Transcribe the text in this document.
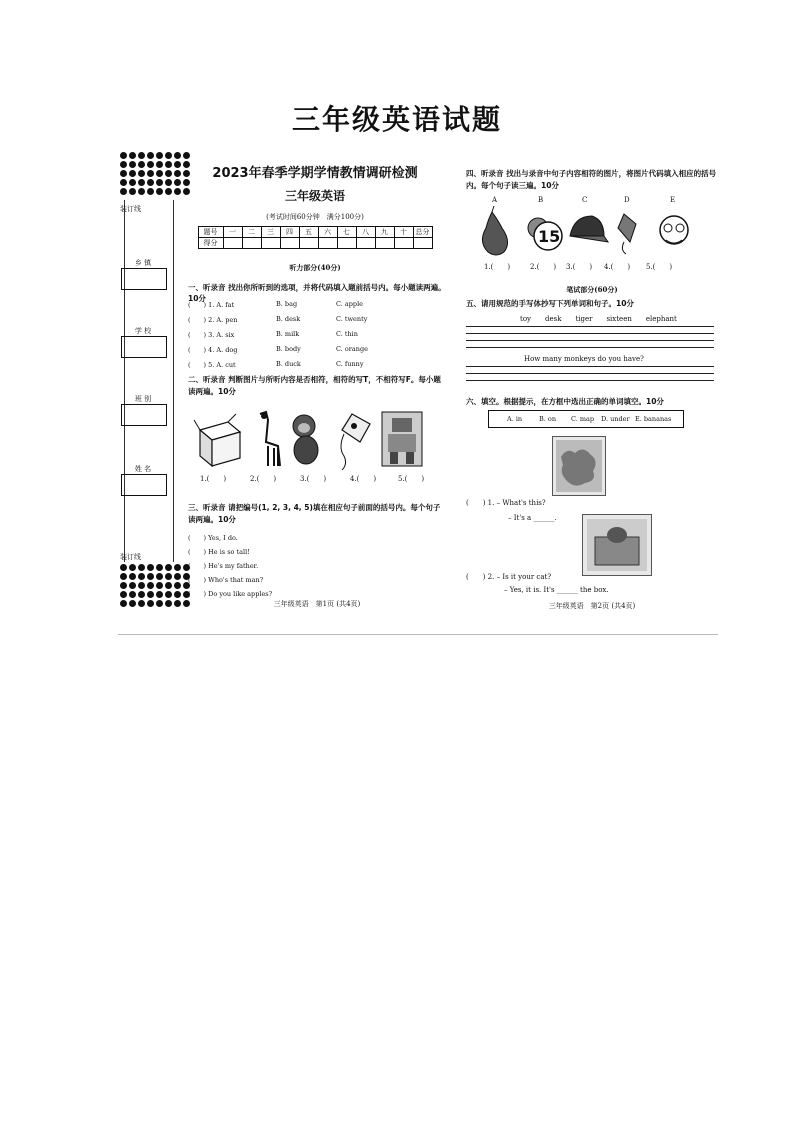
三年级英语试题
装订线
乡 镇
学 校
班 别
姓 名
装订线
2023年春季学期学情教情调研检测
三年级英语
(考试时间60分钟　满分100分)
题号	一	二	三	四	五	六	七	八	九	十	总分
得分											
听力部分(40分)
一、听录音 找出你所听到的选项，并将代码填入题前括号内。每小题读两遍。10分
(　　) 1. A. fat	B. bag	C. apple
(　　) 2. A. pen	B. desk	C. twenty
(　　) 3. A. six	B. milk	C. thin
(　　) 4. A. dog	B. body	C. orange
(　　) 5. A. cut	B. duck	C. funny
二、听录音 判断图片与所听内容是否相符，相符的写T，不相符写F。每小题读两遍。10分
1.(　　)	2.(　　)	3.(　　)	4.(　　)	5.(　　)
三、听录音 请把编号(1, 2, 3, 4, 5)填在相应句子前面的括号内。每个句子读两遍。10分
(　　) Yes, I do.
(　　) He is so tall!
(　　) He's my father.
(　　) Who's that man?
(　　) Do you like apples?
三年级英语　第1页 (共4页)
四、听录音 找出与录音中句子内容相符的图片，将图片代码填入相应的括号内。每个句子读三遍。10分
A	B	C	D	E
15
1.(　　)	2.(　　) 3.(　　) 4.(　　) 5.(　　)
五、请用规范的手写体抄写下列单词和句子。10分
toy　　desk　　tiger　　sixteen　　elephant
How many monkeys do you have?
笔试部分(60分)
六、填空。根据提示，在方框中选出正确的单词填空。10分
A. in	B. on C. map D. under E. bananas
(　　) 1. – What's this?
– It's a ______.
(　　) 2. – Is it your cat?
– Yes, it is. It's ______ the box.
三年级英语　第2页 (共4页)
